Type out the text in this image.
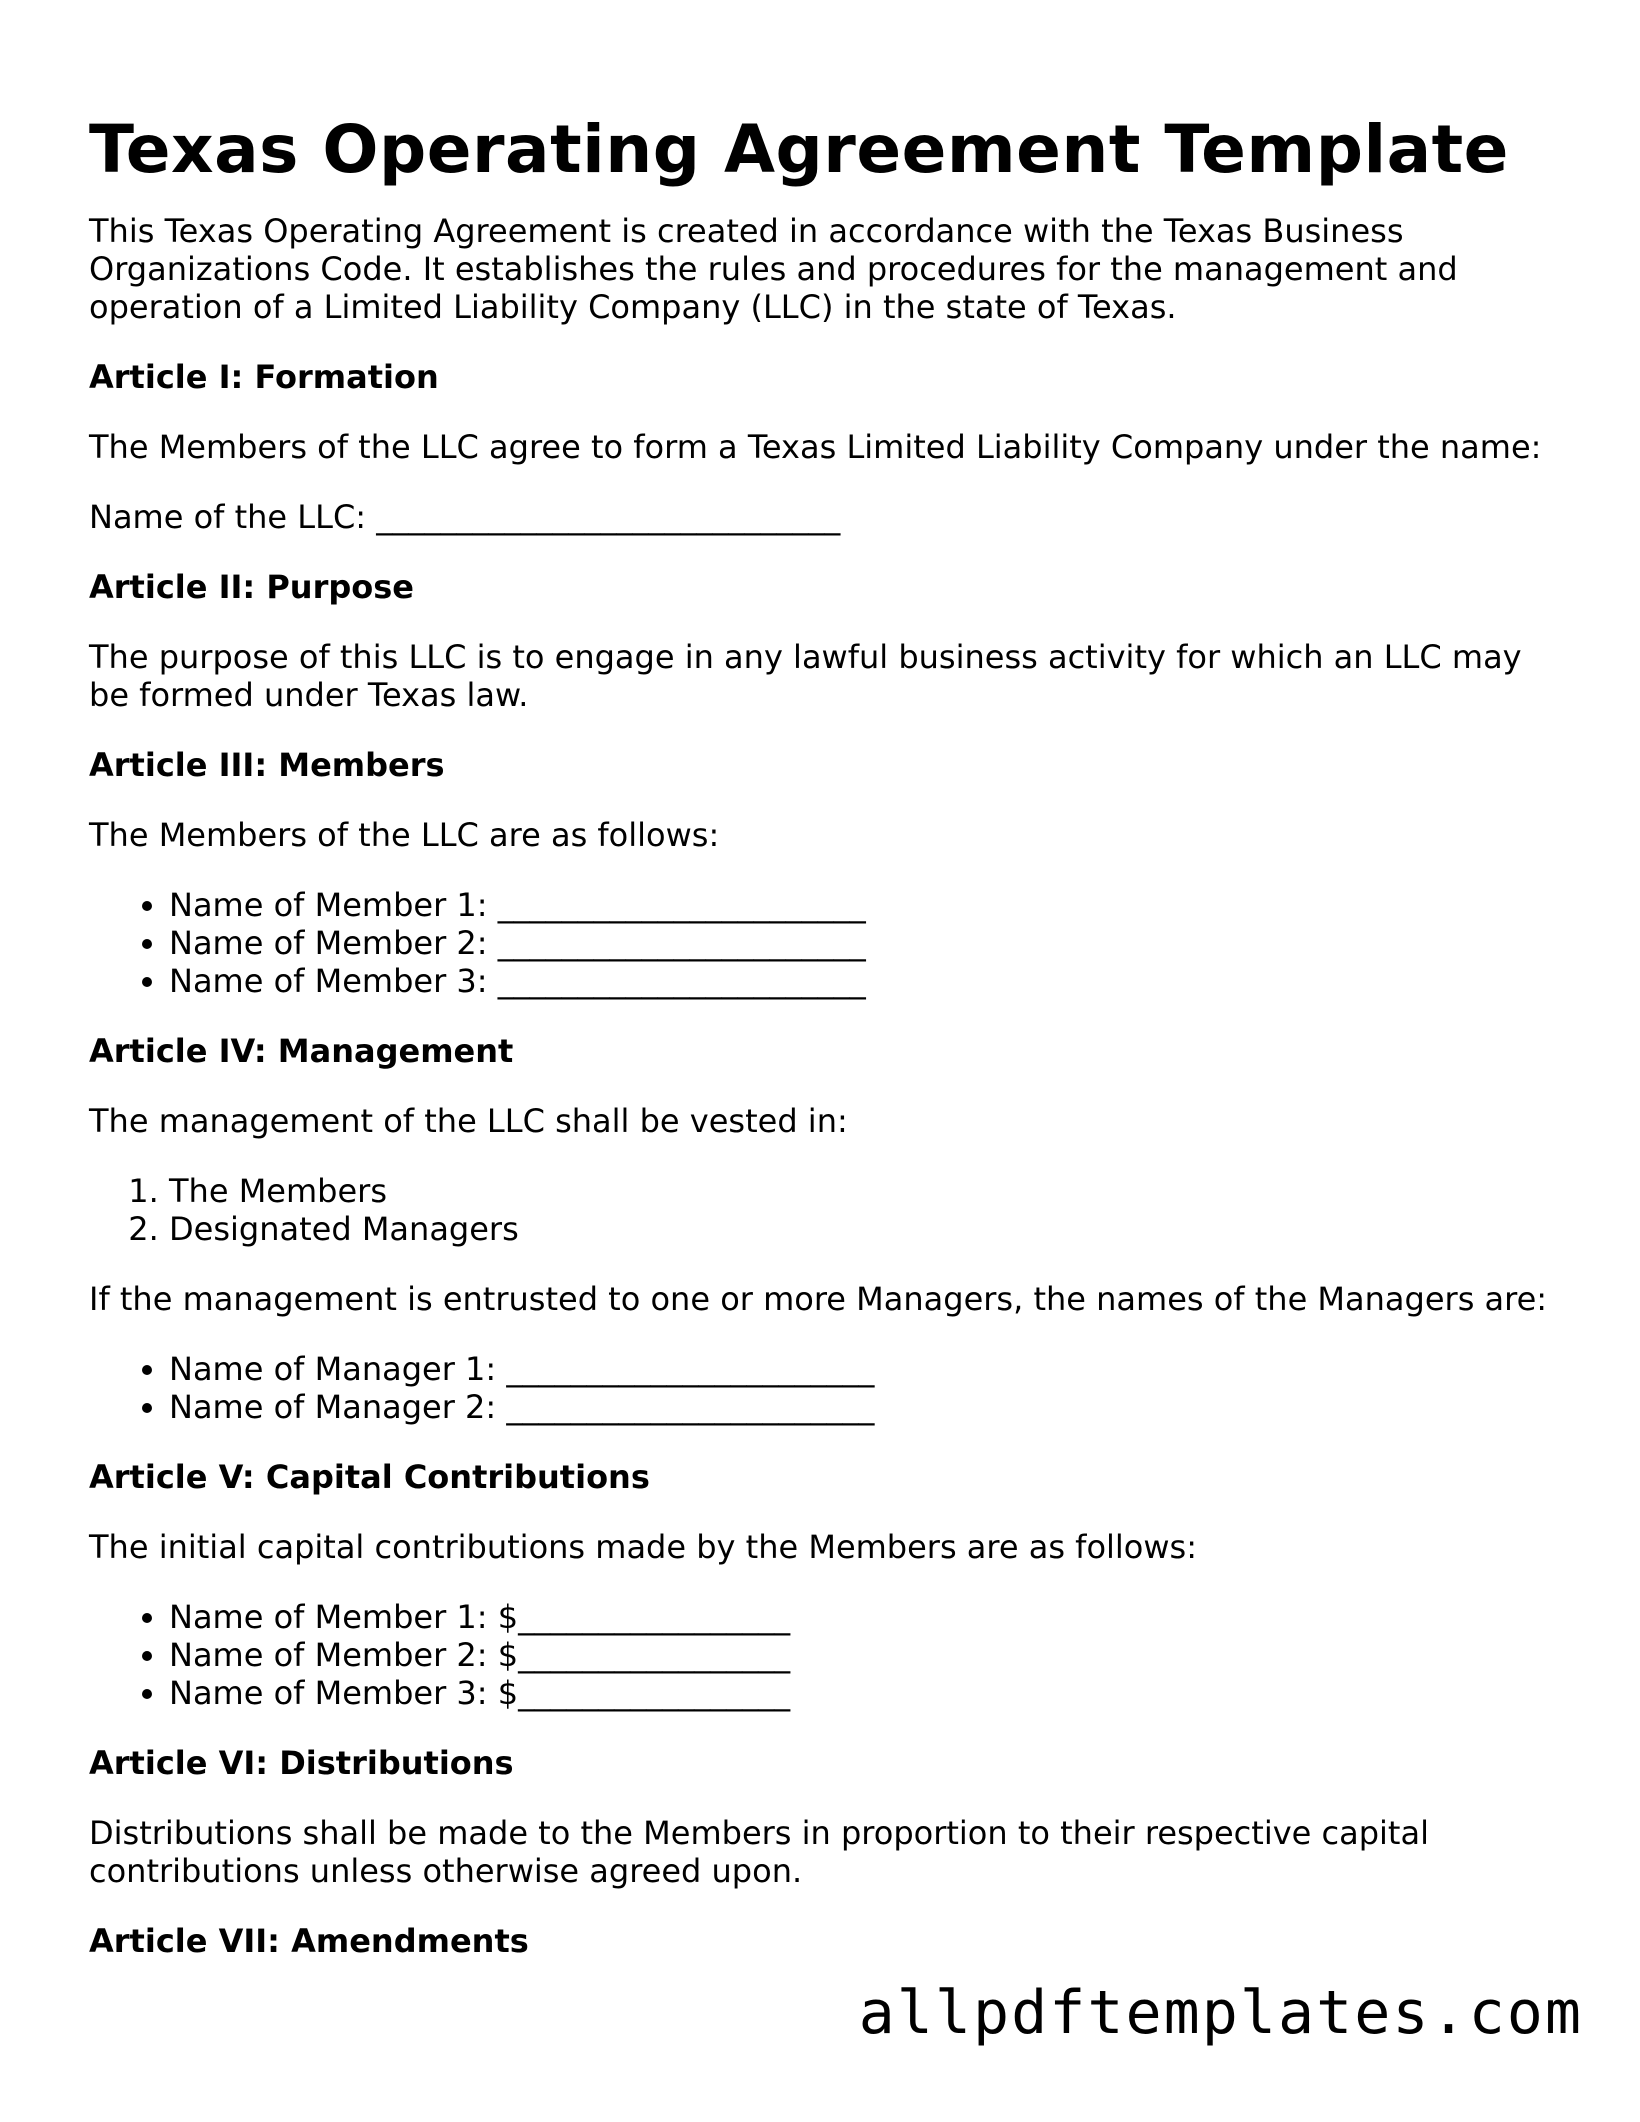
Texas Operating Agreement Template

This Texas Operating Agreement is created in accordance with the Texas Business Organizations Code. It establishes the rules and procedures for the management and operation of a Limited Liability Company (LLC) in the state of Texas.

Article I: Formation

The Members of the LLC agree to form a Texas Limited Liability Company under the name:

Name of the LLC: _____________________________

Article II: Purpose

The purpose of this LLC is to engage in any lawful business activity for which an LLC may be formed under Texas law.

Article III: Members

The Members of the LLC are as follows:

• Name of Member 1: _______________________
• Name of Member 2: _______________________
• Name of Member 3: _______________________

Article IV: Management

The management of the LLC shall be vested in:

1. The Members
2. Designated Managers

If the management is entrusted to one or more Managers, the names of the Managers are:

• Name of Manager 1: _______________________
• Name of Manager 2: _______________________

Article V: Capital Contributions

The initial capital contributions made by the Members are as follows:

• Name of Member 1: $_________________
• Name of Member 2: $_________________
• Name of Member 3: $_________________

Article VI: Distributions

Distributions shall be made to the Members in proportion to their respective capital contributions unless otherwise agreed upon.

Article VII: Amendments

allpdftemplates.com
